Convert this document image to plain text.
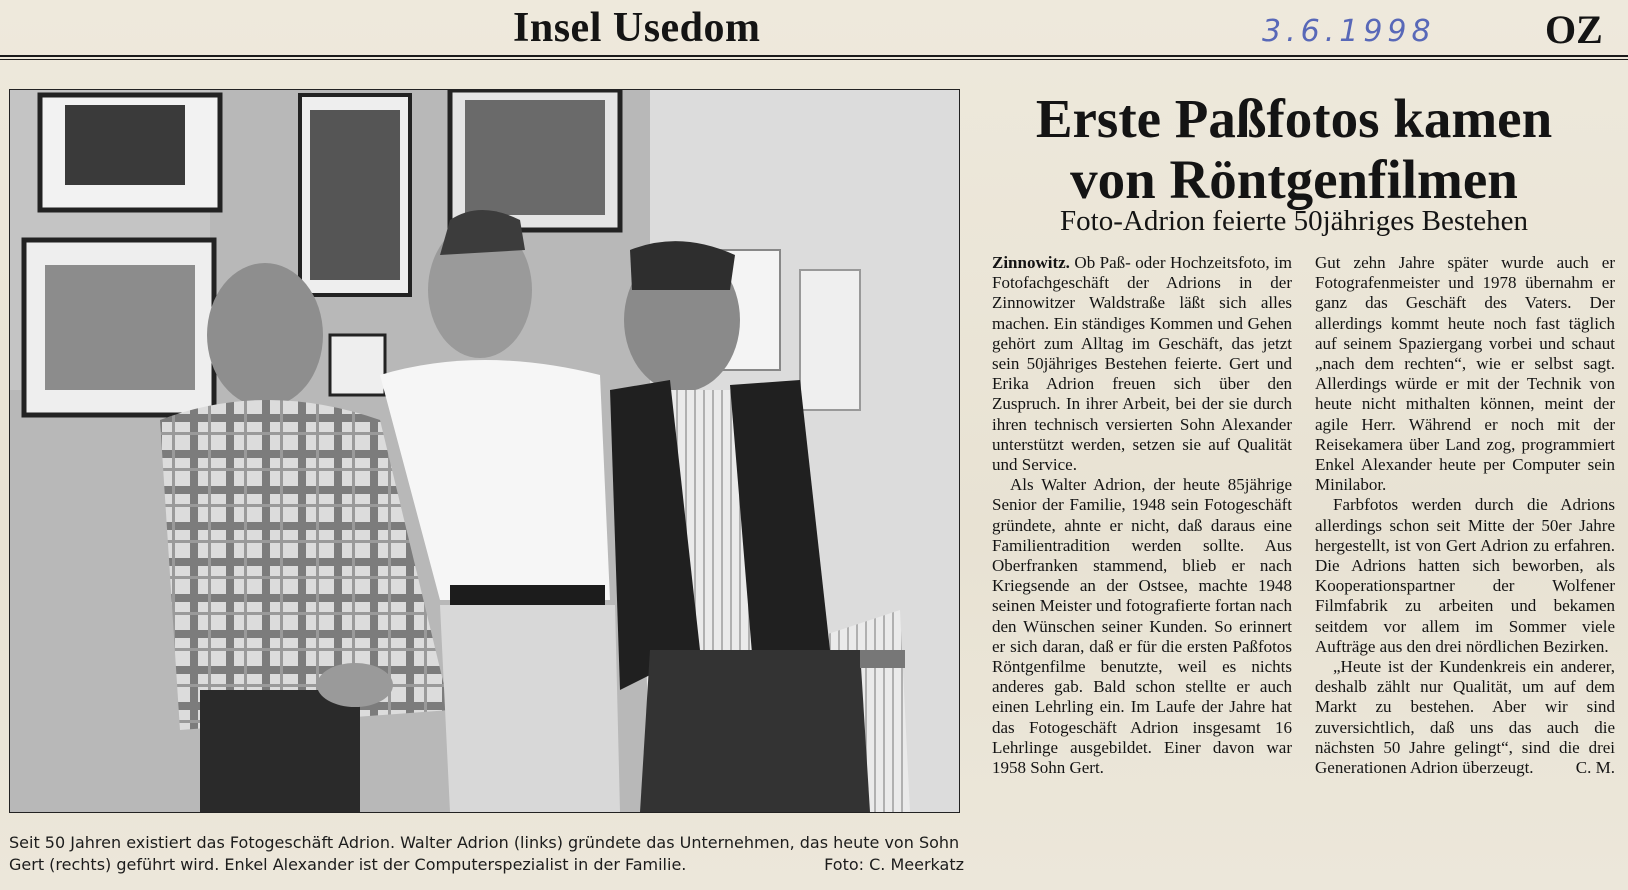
Insel Usedom	3.6.1998	OZ
Seit 50 Jahren existiert das Fotogeschäft Adrion. Walter Adrion (links) gründete das Unternehmen, das heute von Sohn Gert (rechts) geführt wird. Enkel Alexander ist der Computerspezialist in der Familie.	Foto: C. Meerkatz
Erste Paßfotos kamen
von Röntgenfilmen
Foto-Adrion feierte 50jähriges Bestehen

Zinnowitz. Ob Paß- oder Hochzeitsfoto, im Fotofachgeschäft der Adrions in der Zinnowitzer Waldstraße läßt sich alles machen. Ein ständiges Kommen und Gehen gehört zum Alltag im Geschäft, das jetzt sein 50jähriges Bestehen feierte. Gert und Erika Adrion freuen sich über den Zuspruch. In ihrer Arbeit, bei der sie durch ihren technisch versierten Sohn Alexander unterstützt werden, setzen sie auf Qualität und Service.

Als Walter Adrion, der heute 85jährige Senior der Familie, 1948 sein Fotogeschäft gründete, ahnte er nicht, daß daraus eine Familientradition werden sollte. Aus Oberfranken stammend, blieb er nach Kriegsende an der Ostsee, machte 1948 seinen Meister und fotografierte fortan nach den Wünschen seiner Kunden. So erinnert er sich daran, daß er für die ersten Paßfotos Röntgenfilme benutzte, weil es nichts anderes gab. Bald schon stellte er auch einen Lehrling ein. Im Laufe der Jahre hat das Fotogeschäft Adrion insgesamt 16 Lehrlinge ausgebildet. Einer davon war 1958 Sohn Gert.

Gut zehn Jahre später wurde auch er Fotografenmeister und 1978 übernahm er ganz das Geschäft des Vaters. Der allerdings kommt heute noch fast täglich auf seinem Spaziergang vorbei und schaut „nach dem rechten“, wie er selbst sagt. Allerdings würde er mit der Technik von heute nicht mithalten können, meint der agile Herr. Während er noch mit der Reisekamera über Land zog, programmiert Enkel Alexander heute per Computer sein Minilabor.

Farbfotos werden durch die Adrions allerdings schon seit Mitte der 50er Jahre hergestellt, ist von Gert Adrion zu erfahren. Die Adrions hatten sich beworben, als Kooperationspartner der Wolfener Filmfabrik zu arbeiten und bekamen seitdem vor allem im Sommer viele Aufträge aus den drei nördlichen Bezirken.

„Heute ist der Kundenkreis ein anderer, deshalb zählt nur Qualität, um auf dem Markt zu bestehen. Aber wir sind zuversichtlich, daß uns das auch die nächsten 50 Jahre gelingt“, sind die drei Generationen Adrion überzeugt.	C. M.
